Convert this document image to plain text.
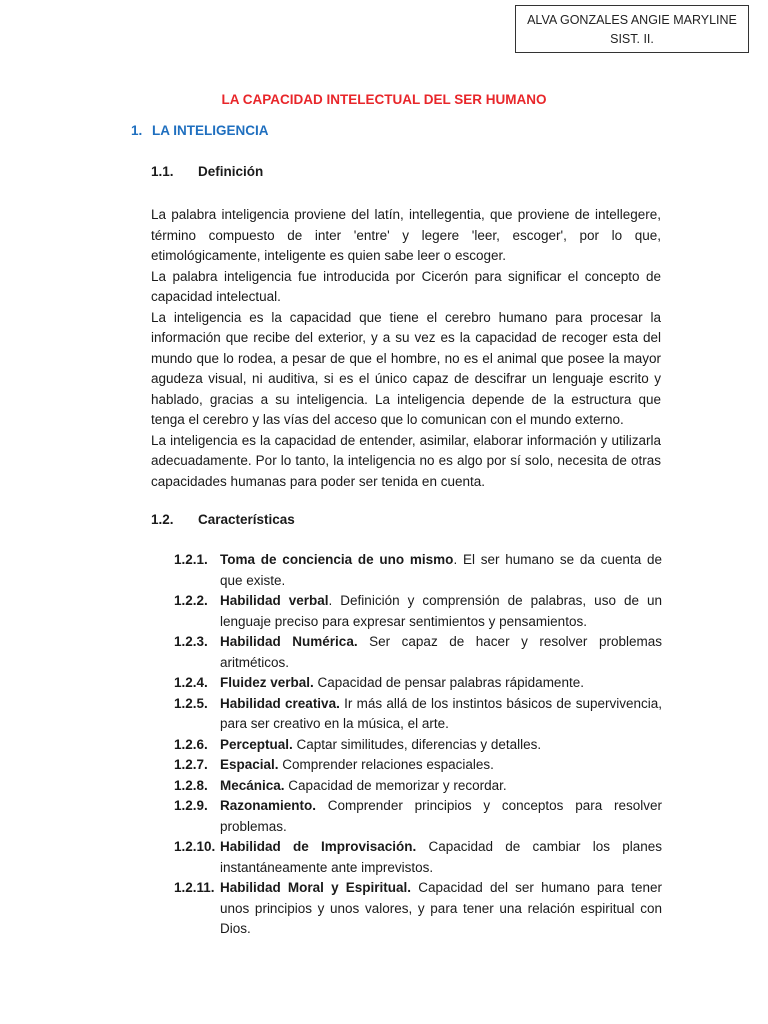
ALVA GONZALES ANGIE MARYLINE
SIST. II.
LA CAPACIDAD INTELECTUAL DEL SER HUMANO
1. LA INTELIGENCIA
1.1. Definición

La palabra inteligencia proviene del latín, intellegentia, que proviene de intellegere, término compuesto de inter 'entre' y legere 'leer, escoger', por lo que, etimológicamente, inteligente es quien sabe leer o escoger.

La palabra inteligencia fue introducida por Cicerón para significar el concepto de capacidad intelectual.

La inteligencia es la capacidad que tiene el cerebro humano para procesar la información que recibe del exterior, y a su vez es la capacidad de recoger esta del mundo que lo rodea, a pesar de que el hombre, no es el animal que posee la mayor agudeza visual, ni auditiva, si es el único capaz de descifrar un lenguaje escrito y hablado, gracias a su inteligencia. La inteligencia depende de la estructura que tenga el cerebro y las vías del acceso que lo comunican con el mundo externo.

La inteligencia es la capacidad de entender, asimilar, elaborar información y utilizarla adecuadamente. Por lo tanto, la inteligencia no es algo por sí solo, necesita de otras capacidades humanas para poder ser tenida en cuenta.

1.2. Características
1.2.1. Toma de conciencia de uno mismo. El ser humano se da cuenta de que existe.
1.2.2. Habilidad verbal. Definición y comprensión de palabras, uso de un lenguaje preciso para expresar sentimientos y pensamientos.
1.2.3. Habilidad Numérica. Ser capaz de hacer y resolver problemas aritméticos.
1.2.4. Fluidez verbal. Capacidad de pensar palabras rápidamente.
1.2.5. Habilidad creativa. Ir más allá de los instintos básicos de supervivencia, para ser creativo en la música, el arte.
1.2.6. Perceptual. Captar similitudes, diferencias y detalles.
1.2.7. Espacial. Comprender relaciones espaciales.
1.2.8. Mecánica. Capacidad de memorizar y recordar.
1.2.9. Razonamiento. Comprender principios y conceptos para resolver problemas.
1.2.10. Habilidad de Improvisación. Capacidad de cambiar los planes instantáneamente ante imprevistos.
1.2.11. Habilidad Moral y Espiritual. Capacidad del ser humano para tener unos principios y unos valores, y para tener una relación espiritual con Dios.
